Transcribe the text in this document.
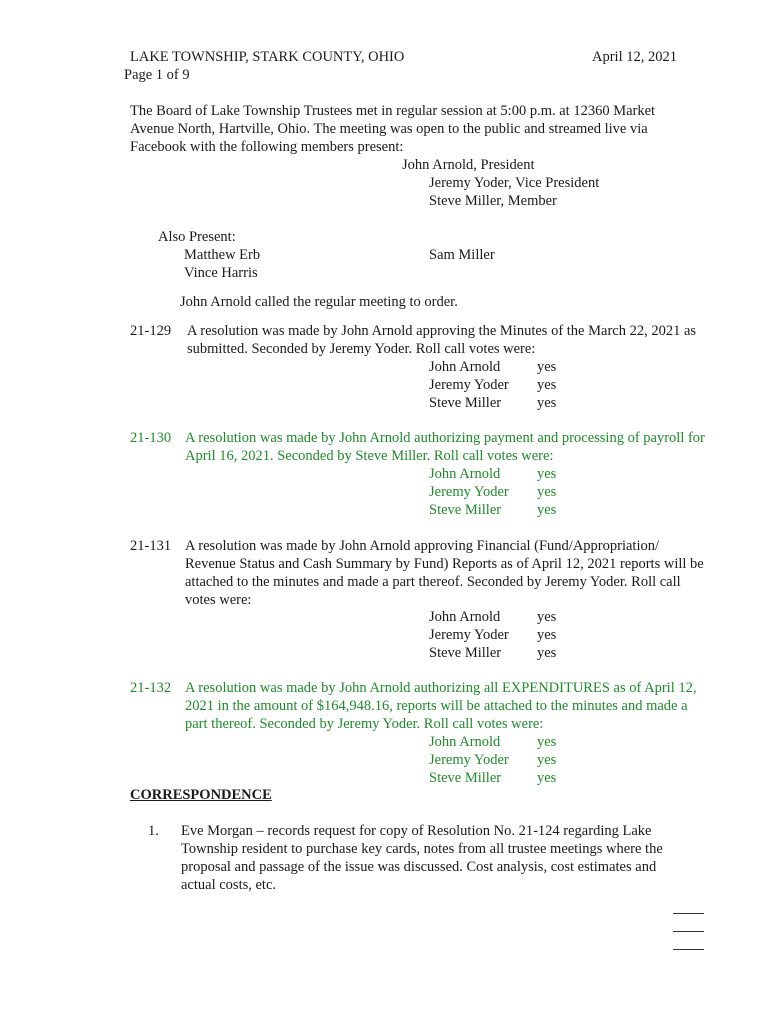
LAKE TOWNSHIP, STARK COUNTY, OHIO	April 12, 2021
Page 1 of 9
The Board of Lake Township Trustees met in regular session at 5:00 p.m. at 12360 Market Avenue North, Hartville, Ohio. The meeting was open to the public and streamed live via Facebook with the following members present:
John Arnold, President
Jeremy Yoder, Vice President
Steve Miller, Member
Also Present:
Matthew Erb
Vince Harris
Sam Miller
John Arnold called the regular meeting to order.
21-129 A resolution was made by John Arnold approving the Minutes of the March 22, 2021 as submitted. Seconded by Jeremy Yoder. Roll call votes were:
John Arnold	yes
Jeremy Yoder	yes
Steve Miller	yes
21-130 A resolution was made by John Arnold authorizing payment and processing of payroll for April 16, 2021. Seconded by Steve Miller. Roll call votes were:
John Arnold	yes
Jeremy Yoder	yes
Steve Miller	yes
21-131 A resolution was made by John Arnold approving Financial (Fund/Appropriation/ Revenue Status and Cash Summary by Fund) Reports as of April 12, 2021 reports will be attached to the minutes and made a part thereof. Seconded by Jeremy Yoder. Roll call votes were:
John Arnold	yes
Jeremy Yoder	yes
Steve Miller	yes
21-132 A resolution was made by John Arnold authorizing all EXPENDITURES as of April 12, 2021 in the amount of $164,948.16, reports will be attached to the minutes and made a part thereof. Seconded by Jeremy Yoder. Roll call votes were:
John Arnold	yes
Jeremy Yoder	yes
Steve Miller	yes
CORRESPONDENCE
1. Eve Morgan – records request for copy of Resolution No. 21-124 regarding Lake Township resident to purchase key cards, notes from all trustee meetings where the proposal and passage of the issue was discussed. Cost analysis, cost estimates and actual costs, etc.
